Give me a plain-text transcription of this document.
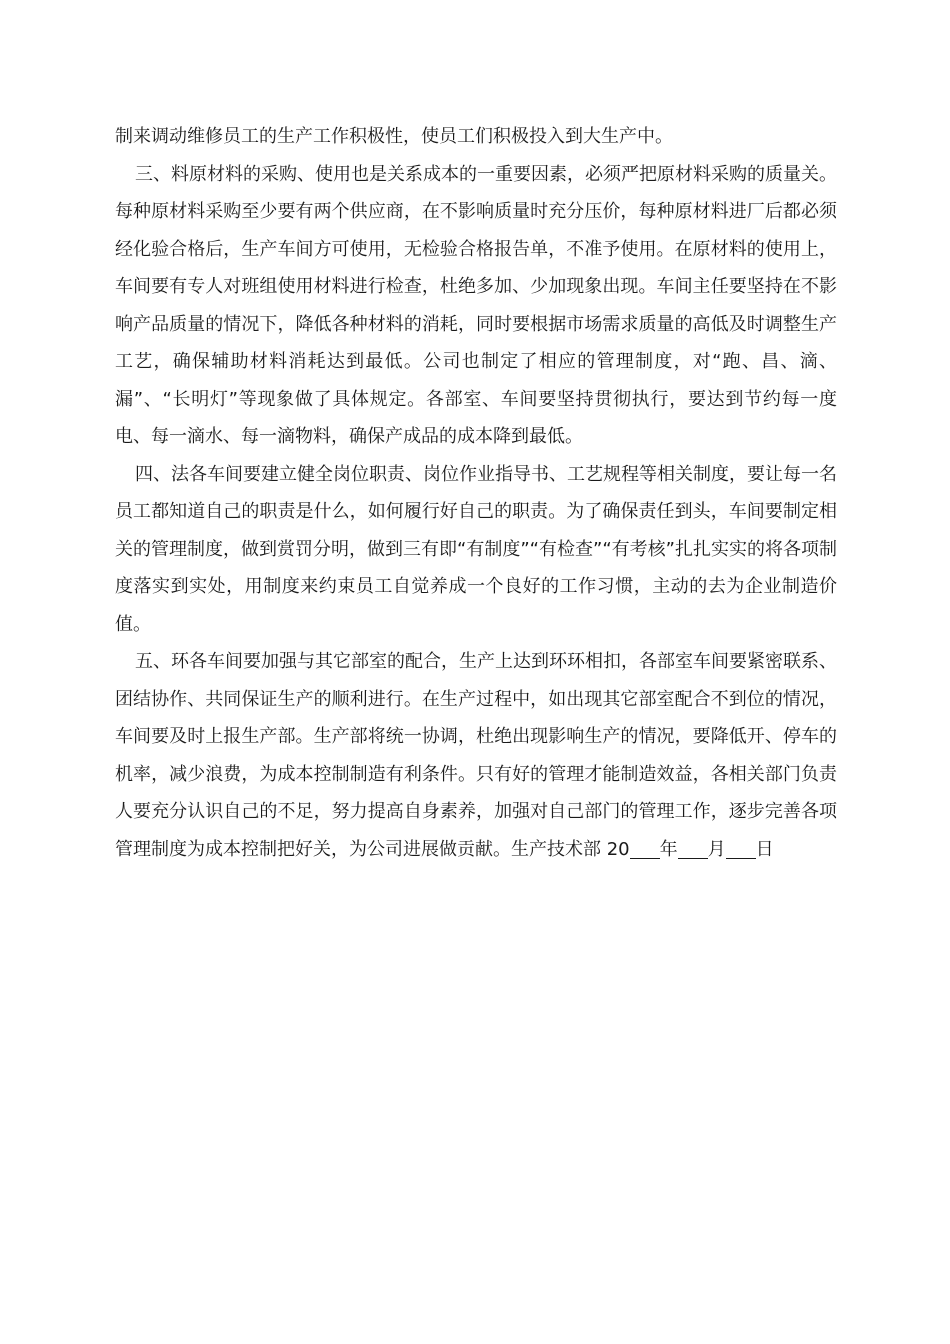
制来调动维修员工的生产工作积极性，使员工们积极投入到大生产中。

三、料原材料的采购、使用也是关系成本的一重要因素，必须严把原材料采购的质量关。每种原材料采购至少要有两个供应商，在不影响质量时充分压价，每种原材料进厂后都必须经化验合格后，生产车间方可使用，无检验合格报告单，不准予使用。在原材料的使用上，车间要有专人对班组使用材料进行检查，杜绝多加、少加现象出现。车间主任要坚持在不影响产品质量的情况下，降低各种材料的消耗，同时要根据市场需求质量的高低及时调整生产工艺，确保辅助材料消耗达到最低。公司也制定了相应的管理制度，对“跑、昌、滴、漏”、“长明灯”等现象做了具体规定。各部室、车间要坚持贯彻执行，要达到节约每一度电、每一滴水、每一滴物料，确保产成品的成本降到最低。

四、法各车间要建立健全岗位职责、岗位作业指导书、工艺规程等相关制度，要让每一名员工都知道自己的职责是什么，如何履行好自己的职责。为了确保责任到头，车间要制定相关的管理制度，做到赏罚分明，做到三有即“有制度”“有检查”“有考核”扎扎实实的将各项制度落实到实处，用制度来约束员工自觉养成一个良好的工作习惯，主动的去为企业制造价值。

五、环各车间要加强与其它部室的配合，生产上达到环环相扣，各部室车间要紧密联系、团结协作、共同保证生产的顺利进行。在生产过程中，如出现其它部室配合不到位的情况，车间要及时上报生产部。生产部将统一协调，杜绝出现影响生产的情况，要降低开、停车的机率，减少浪费，为成本控制制造有利条件。只有好的管理才能制造效益，各相关部门负责人要充分认识自己的不足，努力提高自身素养，加强对自己部门的管理工作，逐步完善各项管理制度为成本控制把好关，为公司进展做贡献。生产技术部 20 年 月 日
